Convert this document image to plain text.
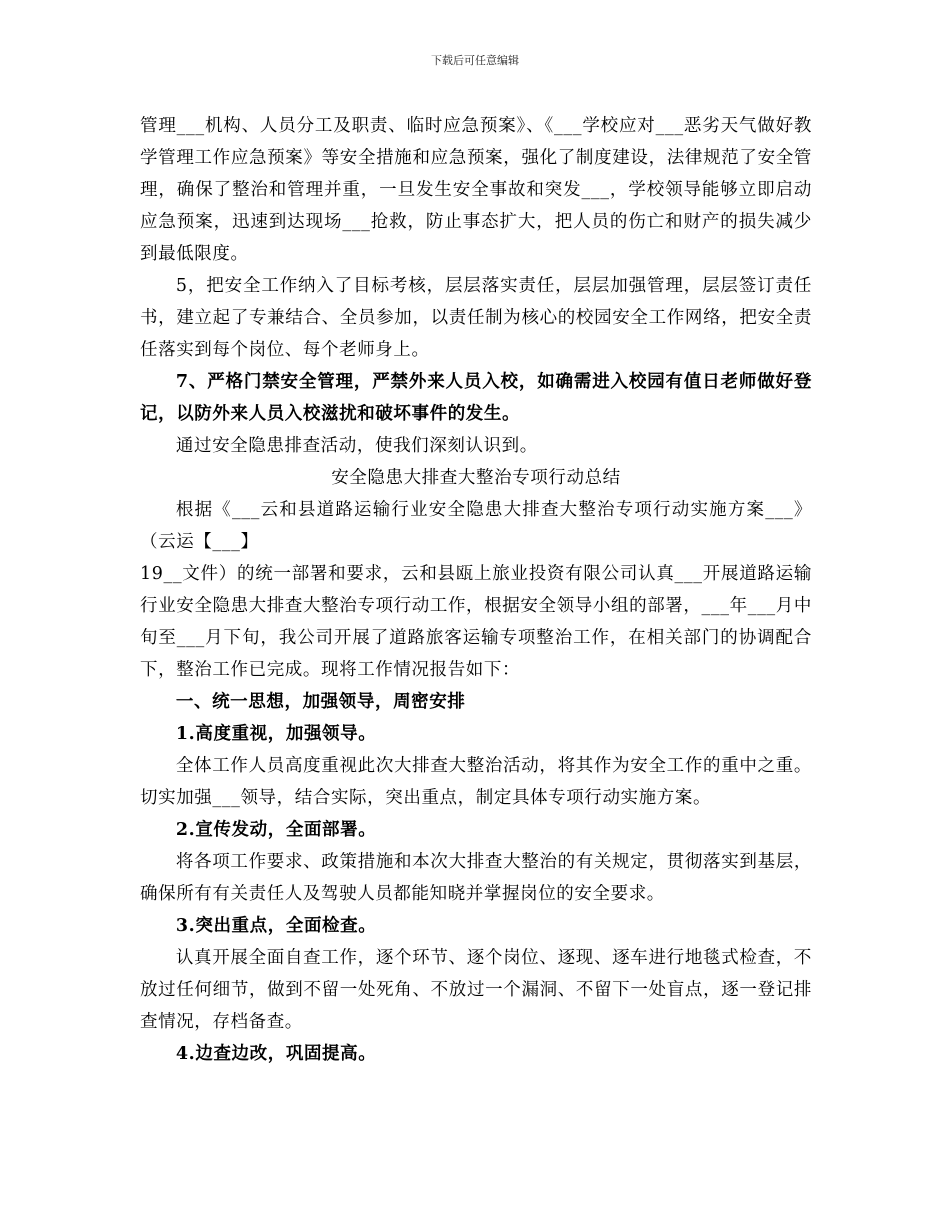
下载后可任意编辑

管理___机构、人员分工及职责、临时应急预案》、《___学校应对___恶劣天气做好教学管理工作应急预案》等安全措施和应急预案，强化了制度建设，法律规范了安全管理，确保了整治和管理并重，一旦发生安全事故和突发___，学校领导能够立即启动应急预案，迅速到达现场___抢救，防止事态扩大，把人员的伤亡和财产的损失减少到最低限度。

5，把安全工作纳入了目标考核，层层落实责任，层层加强管理，层层签订责任书，建立起了专兼结合、全员参加，以责任制为核心的校园安全工作网络，把安全责任落实到每个岗位、每个老师身上。

7、严格门禁安全管理，严禁外来人员入校，如确需进入校园有值日老师做好登记，以防外来人员入校滋扰和破坏事件的发生。

通过安全隐患排查活动，使我们深刻认识到。

安全隐患大排查大整治专项行动总结

根据《___云和县道路运输行业安全隐患大排查大整治专项行动实施方案___》（云运【___】

19__文件）的统一部署和要求，云和县瓯上旅业投资有限公司认真___开展道路运输行业安全隐患大排查大整治专项行动工作，根据安全领导小组的部署，___年___月中旬至___月下旬，我公司开展了道路旅客运输专项整治工作，在相关部门的协调配合下，整治工作已完成。现将工作情况报告如下：

一、统一思想，加强领导，周密安排

1.高度重视，加强领导。

全体工作人员高度重视此次大排查大整治活动，将其作为安全工作的重中之重。切实加强___领导，结合实际，突出重点，制定具体专项行动实施方案。

2.宣传发动，全面部署。

将各项工作要求、政策措施和本次大排查大整治的有关规定，贯彻落实到基层，确保所有有关责任人及驾驶人员都能知晓并掌握岗位的安全要求。

3.突出重点，全面检查。

认真开展全面自查工作，逐个环节、逐个岗位、逐现、逐车进行地毯式检查，不放过任何细节，做到不留一处死角、不放过一个漏洞、不留下一处盲点，逐一登记排查情况，存档备查。

4.边查边改，巩固提高。
